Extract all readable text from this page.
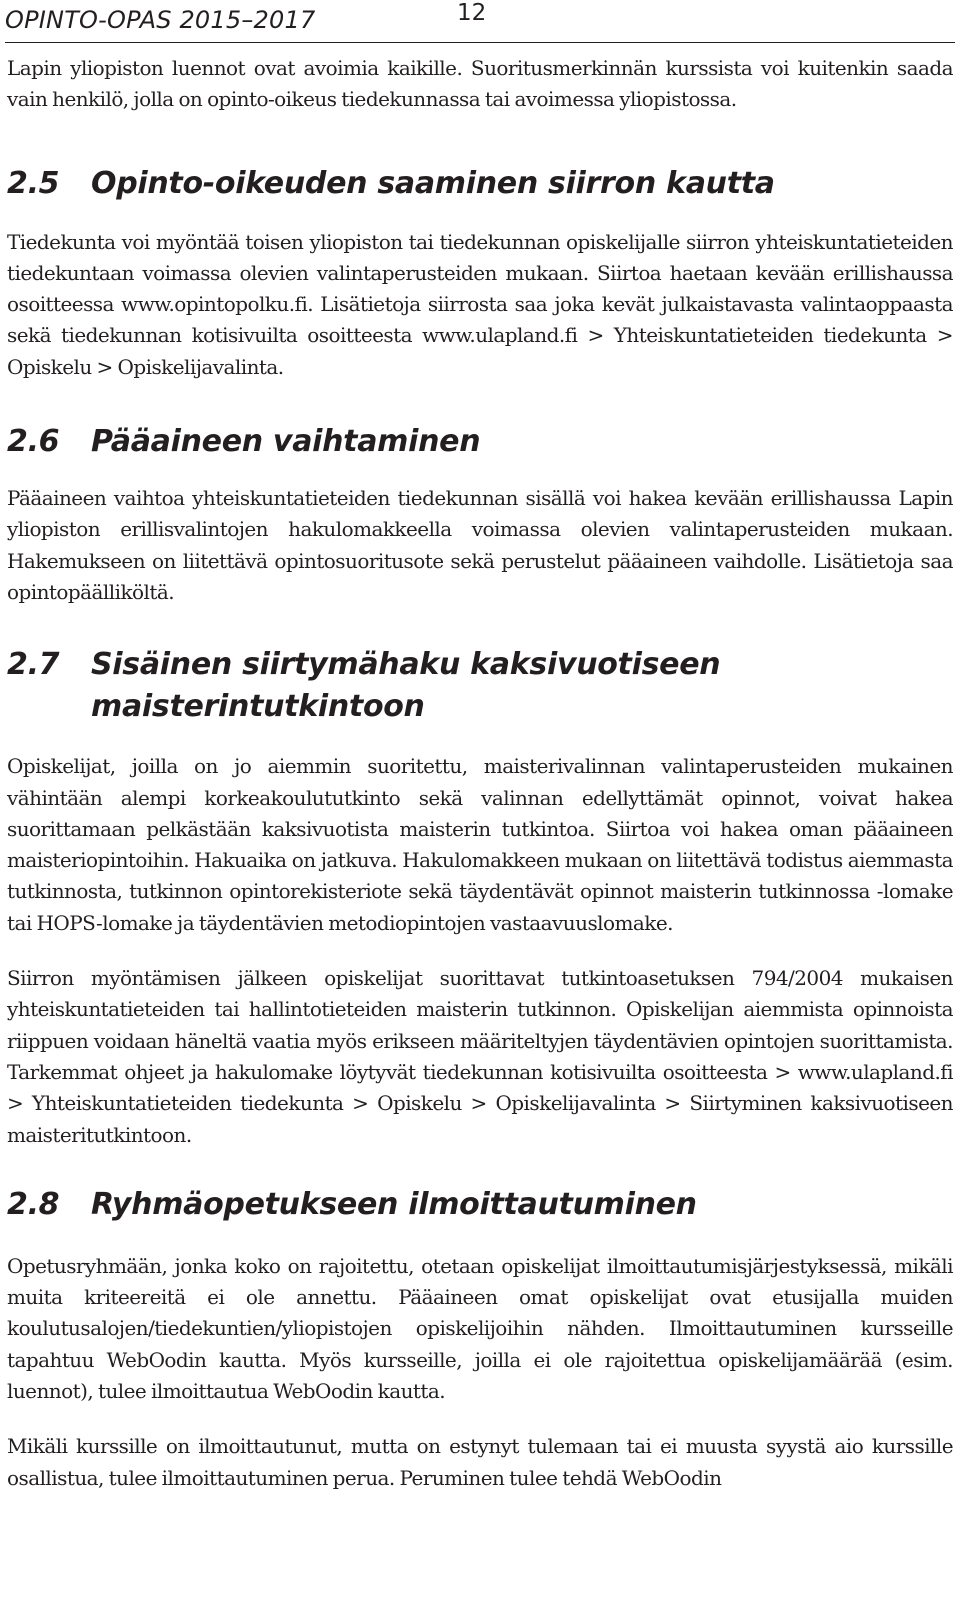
OPINTO-OPAS 2015–2017	12

Lapin yliopiston luennot ovat avoimia kaikille. Suoritusmerkinnän kurssista voi kuitenkin saada vain henkilö, jolla on opinto-oikeus tiedekunnassa tai avoimessa yliopistossa.

2.5 Opinto-oikeuden saaminen siirron kautta

Tiedekunta voi myöntää toisen yliopiston tai tiedekunnan opiskelijalle siirron yhteiskuntatieteiden tiedekuntaan voimassa olevien valintaperusteiden mukaan. Siirtoa haetaan kevään erillishaussa osoitteessa www.opintopolku.fi. Lisätietoja siirrosta saa joka kevät julkaistavasta valintaoppaasta sekä tiedekunnan kotisivuilta osoitteesta www.ulapland.fi > Yhteiskuntatieteiden tiedekunta > Opiskelu > Opiskelijavalinta.

2.6 Pääaineen vaihtaminen

Pääaineen vaihtoa yhteiskuntatieteiden tiedekunnan sisällä voi hakea kevään erillishaussa Lapin yliopiston erillisvalintojen hakulomakkeella voimassa olevien valintaperusteiden mukaan. Hakemukseen on liitettävä opintosuoritusote sekä perustelut pääaineen vaihdolle. Lisätietoja saa opintopäälliköltä.

2.7 Sisäinen siirtymähaku kaksivuotiseen maisterintutkintoon

Opiskelijat, joilla on jo aiemmin suoritettu, maisterivalinnan valintaperusteiden mukainen vähintään alempi korkeakoulututkinto sekä valinnan edellyttämät opinnot, voivat hakea suorittamaan pelkästään kaksivuotista maisterin tutkintoa. Siirtoa voi hakea oman pääaineen maisteriopintoihin. Hakuaika on jatkuva. Hakulomakkeen mukaan on liitettävä todistus aiemmasta tutkinnosta, tutkinnon opintorekisteriote sekä täydentävät opinnot maisterin tutkinnossa -lomake tai HOPS-lomake ja täydentävien metodiopintojen vastaavuuslomake.

Siirron myöntämisen jälkeen opiskelijat suorittavat tutkintoasetuksen 794/2004 mukaisen yhteiskuntatieteiden tai hallintotieteiden maisterin tutkinnon. Opiskelijan aiemmista opinnoista riippuen voidaan häneltä vaatia myös erikseen määriteltyjen täydentävien opintojen suorittamista. Tarkemmat ohjeet ja hakulomake löytyvät tiedekunnan kotisivuilta osoitteesta > www.ulapland.fi > Yhteiskuntatieteiden tiedekunta > Opiskelu > Opiskelijavalinta > Siirtyminen kaksivuotiseen maisteritutkintoon.

2.8 Ryhmäopetukseen ilmoittautuminen

Opetusryhmään, jonka koko on rajoitettu, otetaan opiskelijat ilmoittautumisjärjestyksessä, mikäli muita kriteereitä ei ole annettu. Pääaineen omat opiskelijat ovat etusijalla muiden koulutusalojen/tiedekuntien/yliopistojen opiskelijoihin nähden. Ilmoittautuminen kursseille tapahtuu WebOodin kautta. Myös kursseille, joilla ei ole rajoitettua opiskelijamäärää (esim. luennot), tulee ilmoittautua WebOodin kautta.

Mikäli kurssille on ilmoittautunut, mutta on estynyt tulemaan tai ei muusta syystä aio kurssille osallistua, tulee ilmoittautuminen perua. Peruminen tulee tehdä WebOodin
